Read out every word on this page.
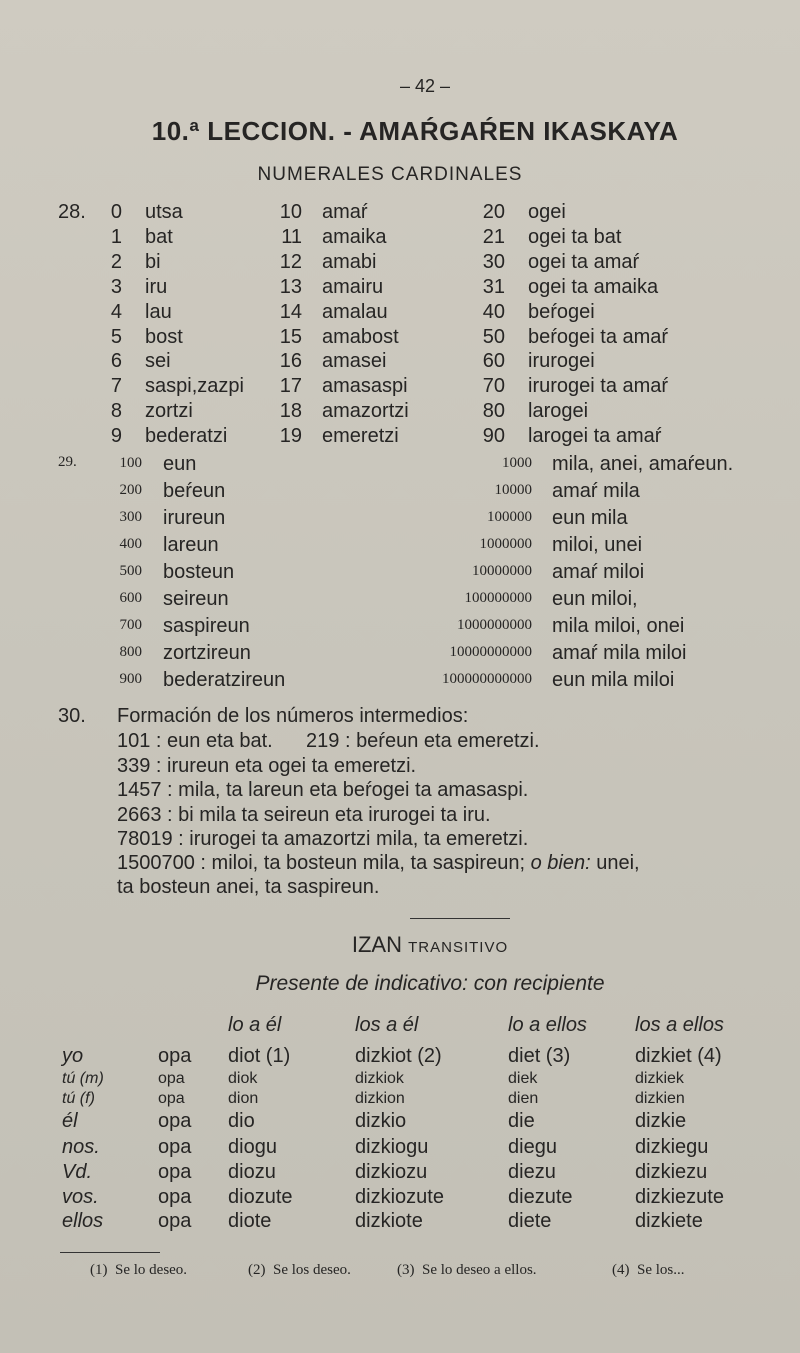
– 42 –
10.ª LECCION. - AMAŔGAŔEN IKASKAYA
NUMERALES CARDINALES
28.	0 utsa	10 amaŕ	20 ogei
1 bat	11 amaika	21 ogei ta bat
2 bi	12 amabi	30 ogei ta amaŕ
3 iru	13 amairu	31 ogei ta amaika
4 lau	14 amalau	40 beŕogei
5 bost	15 amabost	50 beŕogei ta amaŕ
6 sei	16 amasei	60 irurogei
7 saspi,zazpi	17 amasaspi	70 irurogei ta amaŕ
8 zortzi	18 amazortzi	80 larogei
9 bederatzi	19 emeretzi	90 larogei ta amaŕ
29.	100 eun	1000 mila, anei, amaŕeun.
200 beŕeun	10000 amaŕ mila
300 irureun	100000 eun mila
400 lareun	1000000 miloi, unei
500 bosteun	10000000 amaŕ miloi
600 seireun	100000000 eun miloi,
700 saspireun	1000000000 mila miloi, onei
800 zortzireun	10000000000 amaŕ mila miloi
900 bederatzireun	100000000000 eun mila miloi
30. Formación de los números intermedios:
101 : eun eta bat.      219 : beŕeun eta emeretzi.
339 : irureun eta ogei ta emeretzi.
1457 : mila, ta lareun eta beŕogei ta amasaspi.
2663 : bi mila ta seireun eta irurogei ta iru.
78019 : irurogei ta amazortzi mila, ta emeretzi.
1500700 : miloi, ta bosteun mila, ta saspireun; o bien: unei,
ta bosteun anei, ta saspireun.
IZAN TRANSITIVO
Presente de indicativo: con recipiente
lo a él	los a él	lo a ellos los a ellos
yo	opa diot (1)	dizkiot (2)	diet (3)	dizkiet (4)
tú (m)	opa	diok	dizkiok	diek	dizkiek
tú (f)	opa	dion	dizkion	dien	dizkien
él	opa dio	dizkio	die	dizkie
nos.	opa diogu	dizkiogu	diegu	dizkiegu
Vd.	opa diozu	dizkiozu	diezu	dizkiezu
vos.	opa diozute	dizkiozute	diezute	dizkiezute
ellos	opa diote	dizkiote	diete	dizkiete
(1)  Se lo deseo.	(2)  Se los deseo.	(3)  Se lo deseo a ellos.	(4)  Se los...
